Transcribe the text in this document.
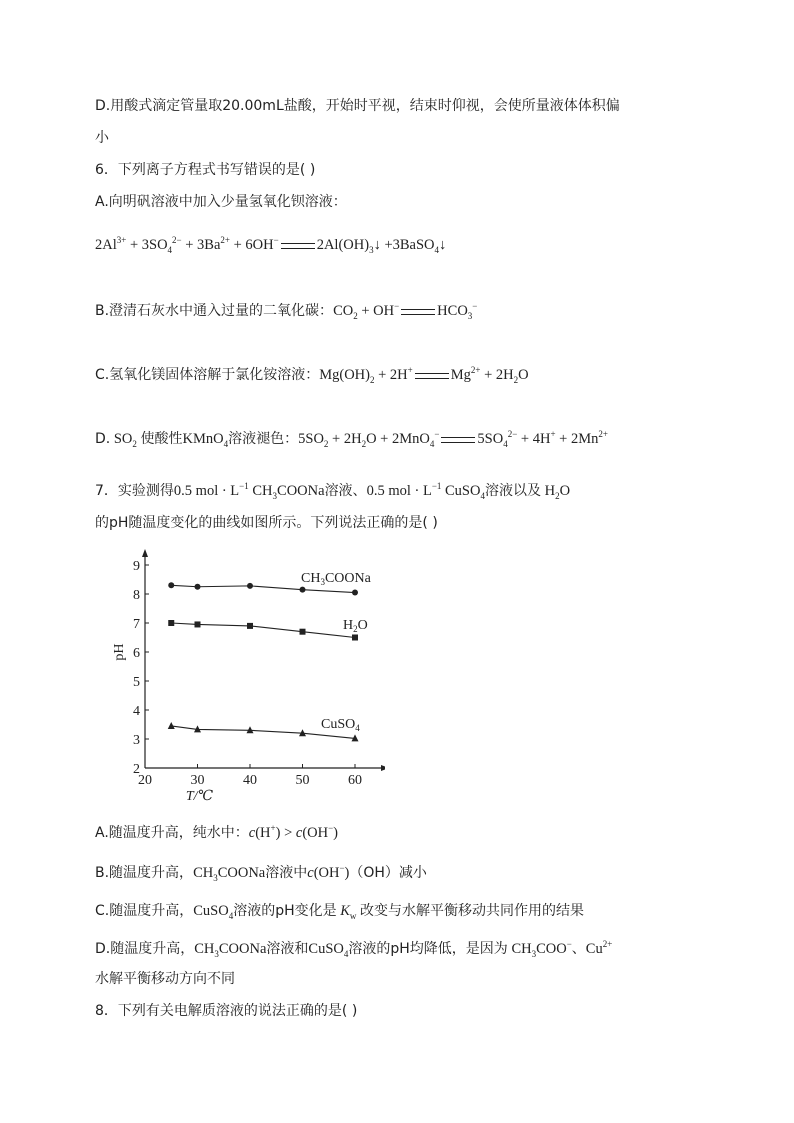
D.用酸式滴定管量取20.00mL盐酸，开始时平视，结束时仰视，会使所量液体体积偏
小
6．下列离子方程式书写错误的是( )
A.向明矾溶液中加入少量氢氧化钡溶液：
$2Al^{3+} + 3SO_4^{2-} + 3Ba^{2+} + 6OH^-$	$2Al(OH)_3↓$ +3BaSO$_4$↓
B.澄清石灰水中通入过量的二氧化碳：$CO_2 + OH^-$	$HCO_3^-$
C.氢氧化镁固体溶解于氯化铵溶液：$Mg(OH)_2 + 2H^+$	$Mg^{2+} + 2H_2O$
D. $SO_2$ 使酸性KMnO$_4$溶液褪色：$5SO_2 + 2H_2O + 2MnO_4^-$	$5SO_4^{2-} + 4H^+ + 2Mn^{2+}$
7．实验测得0.5 mol · $L^{-1}$ $CH_3COONa$溶液、0.5 mol · $L^{-1}$ CuSO$_4$溶液以及 $H_2O$
的pH随温度变化的曲线如图所示。下列说法正确的是( )
20	30	40	50	60
2
3
4
5
6
7
8
9
T/℃
pH
$CH_3COONa$
$H_2O$
CuSO$_4$
A.随温度升高，纯水中：c(H+) > c(OH−)
B.随温度升高，$CH_3COONa$溶液中c(OH−)（OH）减小
C.随温度升高，CuSO$_4$溶液的pH变化是 $K_w$ 改变与水解平衡移动共同作用的结果
D.随温度升高，$CH_3COONa$溶液和CuSO$_4$溶液的pH均降低，是因为 $CH_3COO^-$、$Cu^{2+}$
水解平衡移动方向不同
8．下列有关电解质溶液的说法正确的是( )
